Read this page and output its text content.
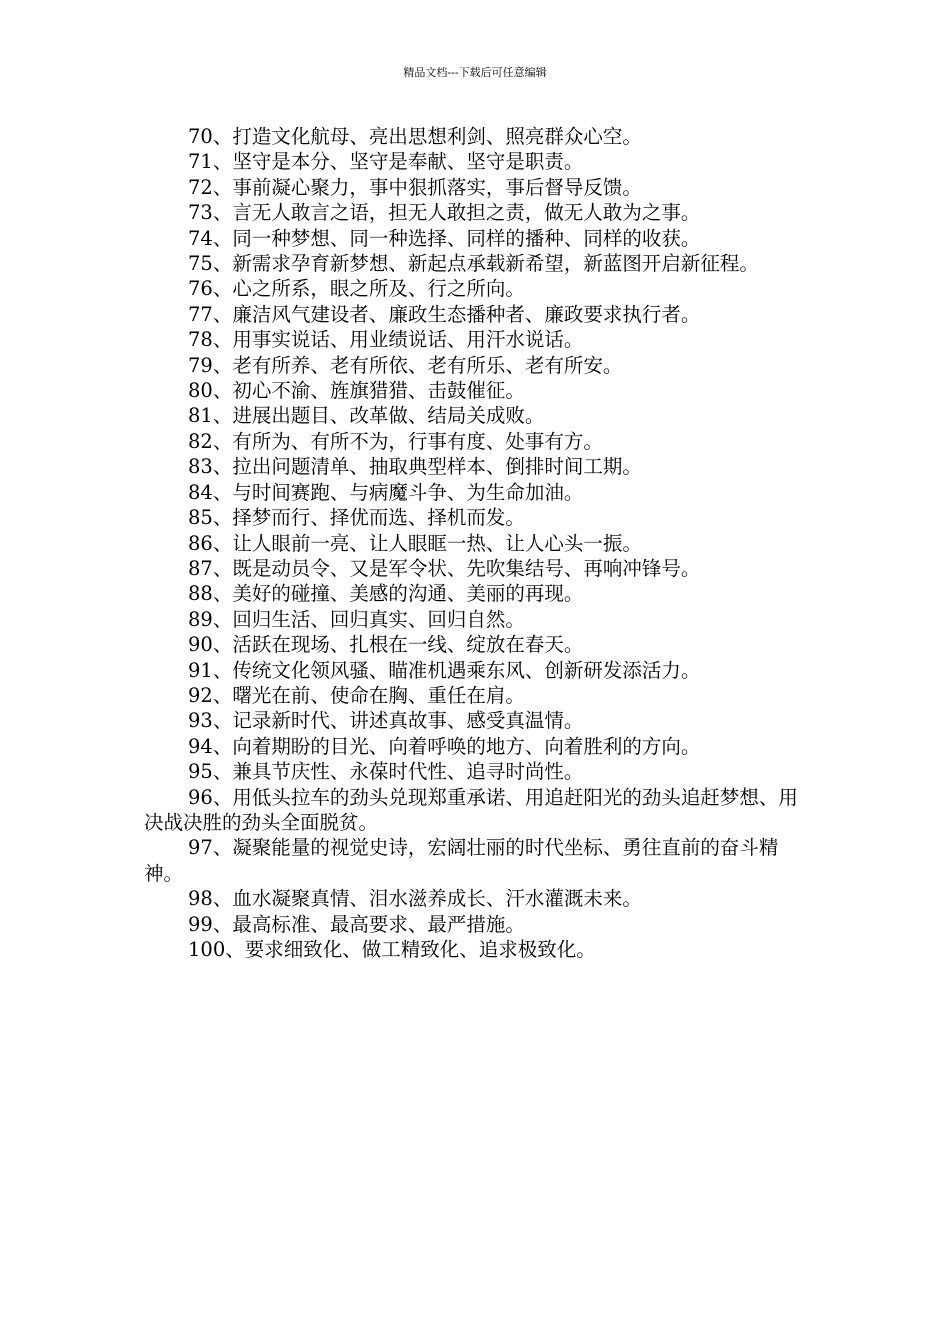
精品文档---下载后可任意编辑

70、打造文化航母、亮出思想利剑、照亮群众心空。

71、坚守是本分、坚守是奉献、坚守是职责。

72、事前凝心聚力，事中狠抓落实，事后督导反馈。

73、言无人敢言之语，担无人敢担之责，做无人敢为之事。

74、同一种梦想、同一种选择、同样的播种、同样的收获。

75、新需求孕育新梦想、新起点承载新希望，新蓝图开启新征程。

76、心之所系，眼之所及、行之所向。

77、廉洁风气建设者、廉政生态播种者、廉政要求执行者。

78、用事实说话、用业绩说话、用汗水说话。

79、老有所养、老有所依、老有所乐、老有所安。

80、初心不渝、旌旗猎猎、击鼓催征。

81、进展出题目、改革做、结局关成败。

82、有所为、有所不为，行事有度、处事有方。

83、拉出问题清单、抽取典型样本、倒排时间工期。

84、与时间赛跑、与病魔斗争、为生命加油。

85、择梦而行、择优而选、择机而发。

86、让人眼前一亮、让人眼眶一热、让人心头一振。

87、既是动员令、又是军令状、先吹集结号、再响冲锋号。

88、美好的碰撞、美感的沟通、美丽的再现。

89、回归生活、回归真实、回归自然。

90、活跃在现场、扎根在一线、绽放在春天。

91、传统文化领风骚、瞄准机遇乘东风、创新研发添活力。

92、曙光在前、使命在胸、重任在肩。

93、记录新时代、讲述真故事、感受真温情。

94、向着期盼的目光、向着呼唤的地方、向着胜利的方向。

95、兼具节庆性、永葆时代性、追寻时尚性。

96、用低头拉车的劲头兑现郑重承诺、用追赶阳光的劲头追赶梦想、用决战决胜的劲头全面脱贫。

97、凝聚能量的视觉史诗，宏阔壮丽的时代坐标、勇往直前的奋斗精神。

98、血水凝聚真情、泪水滋养成长、汗水灌溉未来。

99、最高标准、最高要求、最严措施。

100、要求细致化、做工精致化、追求极致化。
